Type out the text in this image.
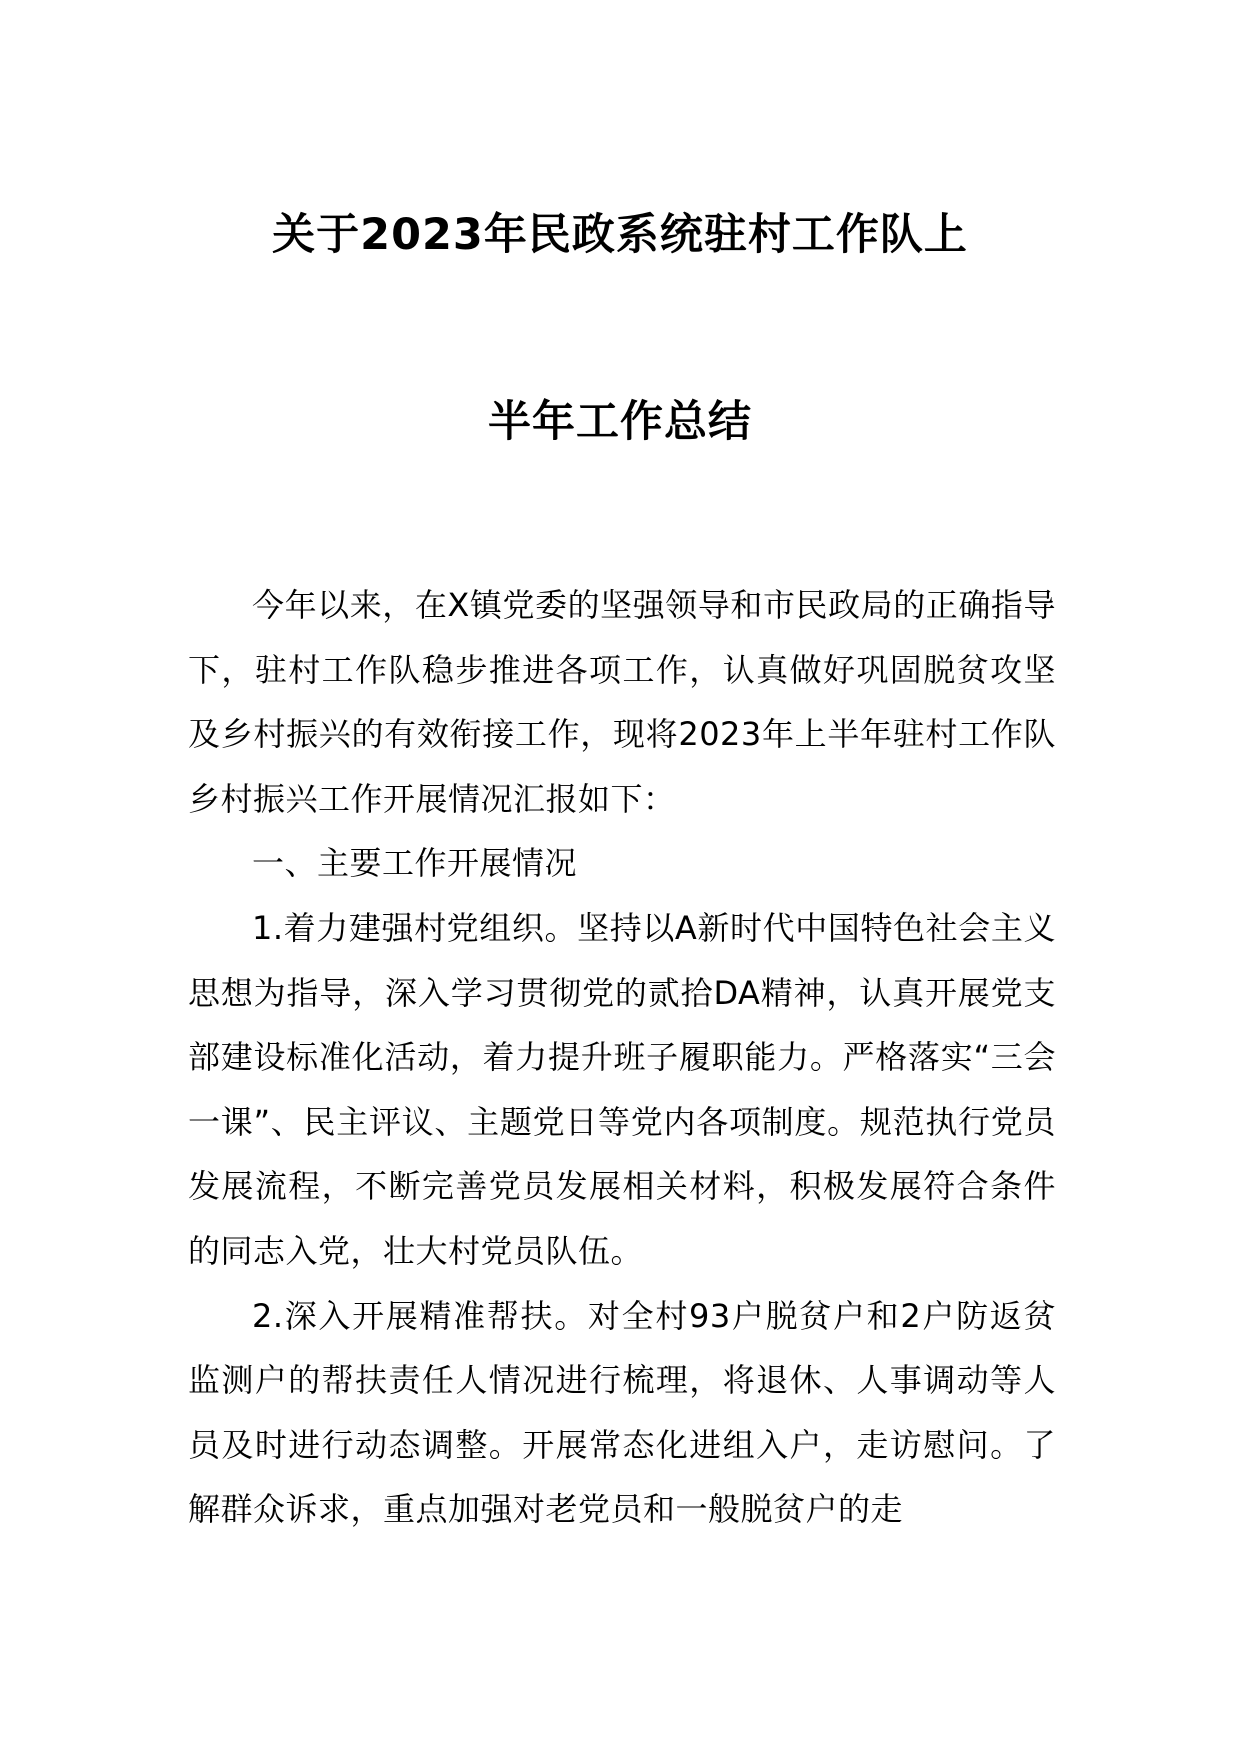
关于2023年民政系统驻村工作队上
半年工作总结

今年以来，在X镇党委的坚强领导和市民政局的正确指导下，驻村工作队稳步推进各项工作，认真做好巩固脱贫攻坚及乡村振兴的有效衔接工作，现将2023年上半年驻村工作队乡村振兴工作开展情况汇报如下：

一、主要工作开展情况

1.着力建强村党组织。坚持以A新时代中国特色社会主义思想为指导，深入学习贯彻党的贰拾DA精神，认真开展党支部建设标准化活动，着力提升班子履职能力。严格落实“三会一课”、民主评议、主题党日等党内各项制度。规范执行党员发展流程，不断完善党员发展相关材料，积极发展符合条件的同志入党，壮大村党员队伍。

2.深入开展精准帮扶。对全村93户脱贫户和2户防返贫监测户的帮扶责任人情况进行梳理，将退休、人事调动等人员及时进行动态调整。开展常态化进组入户，走访慰问。了解群众诉求，重点加强对老党员和一般脱贫户的走
